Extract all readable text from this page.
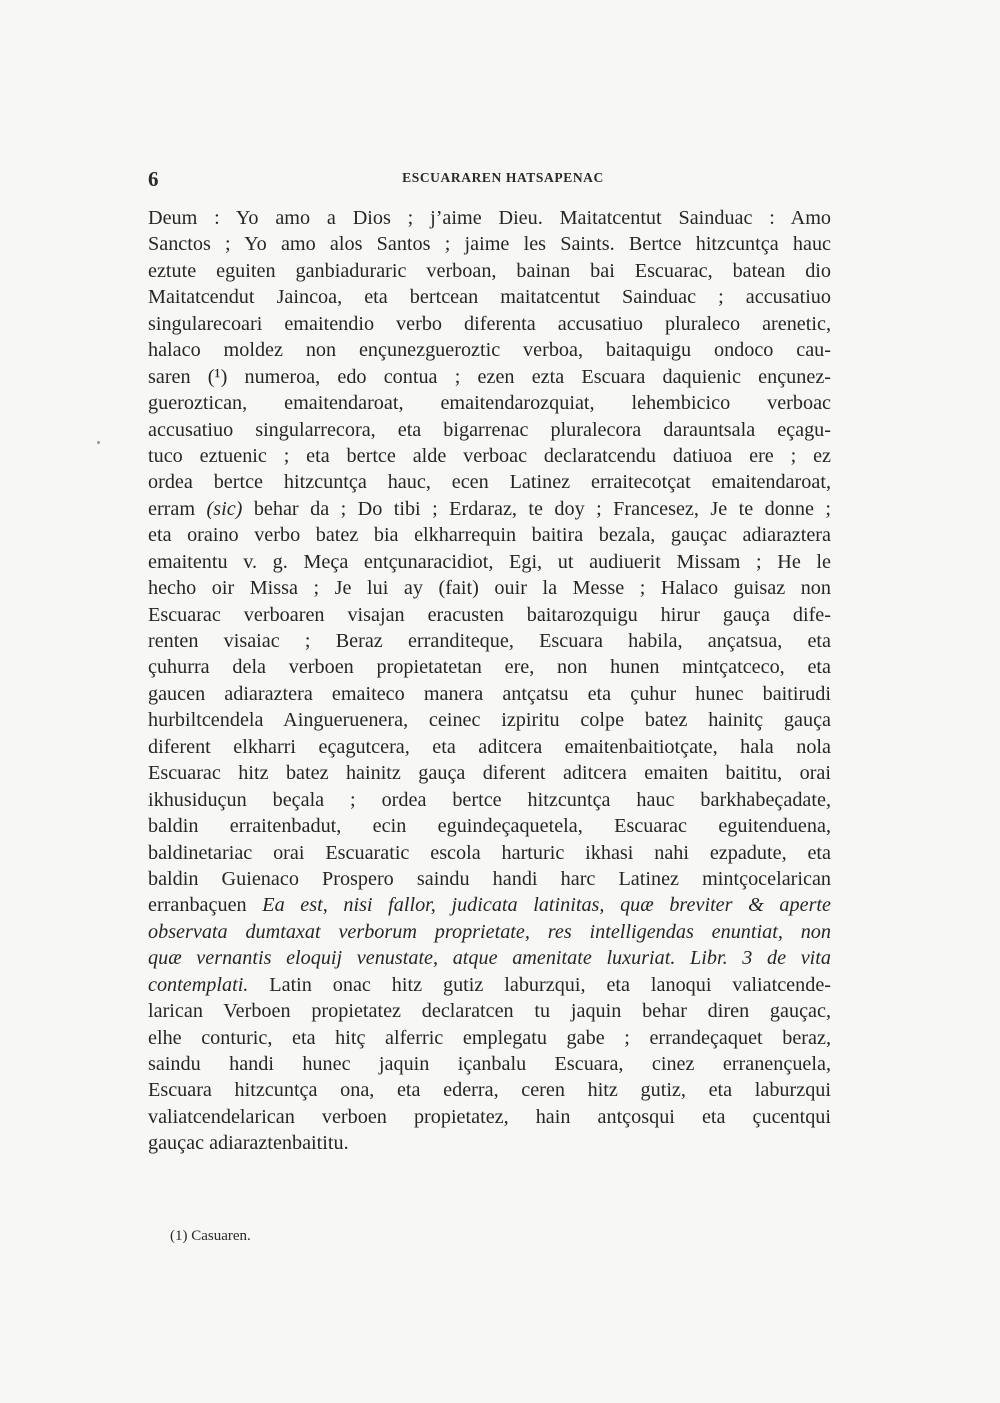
6	ESCUARAREN HATSAPENAC
Deum : Yo amo a Dios ; j’aime Dieu. Maitatcentut Sainduac : Amo
Sanctos ; Yo amo alos Santos ; jaime les Saints. Bertce hitzcuntça hauc
eztute eguiten ganbiaduraric verboan, bainan bai Escuarac, batean dio
Maitatcendut Jaincoa, eta bertcean maitatcentut Sainduac ; accusatiuo
singularecoari emaitendio verbo diferenta accusatiuo pluraleco arenetic,
halaco moldez non ençunezgueroztic verboa, baitaquigu ondoco cau-
saren (¹) numeroa, edo contua ; ezen ezta Escuara daquienic ençunez-
gueroztican, emaitendaroat, emaitendarozquiat, lehembicico verboac
accusatiuo singularrecora, eta bigarrenac pluralecora darauntsala eçagu-
tuco eztuenic ; eta bertce alde verboac declaratcendu datiuoa ere ; ez
ordea bertce hitzcuntça hauc, ecen Latinez erraitecotçat emaitendaroat,
erram (sic) behar da ; Do tibi ; Erdaraz, te doy ; Francesez, Je te donne ;
eta oraino verbo batez bia elkharrequin baitira bezala, gauçac adiaraztera
emaitentu v. g. Meça entçunaracidiot, Egi, ut audiuerit Missam ; He le
hecho oir Missa ; Je lui ay (fait) ouir la Messe ; Halaco guisaz non
Escuarac verboaren visajan eracusten baitarozquigu hirur gauça dife-
renten visaiac ; Beraz erranditeque, Escuara habila, ançatsua, eta
çuhurra dela verboen propietatetan ere, non hunen mintçatceco, eta
gaucen adiaraztera emaiteco manera antçatsu eta çuhur hunec baitirudi
hurbiltcendela Aingueruenera, ceinec izpiritu colpe batez hainitç gauça
diferent elkharri eçagutcera, eta aditcera emaitenbaitiotçate, hala nola
Escuarac hitz batez hainitz gauça diferent aditcera emaiten baititu, orai
ikhusiduçun beçala ; ordea bertce hitzcuntça hauc barkhabeçadate,
baldin erraitenbadut, ecin eguindeçaquetela, Escuarac eguitenduena,
baldinetariac orai Escuaratic escola harturic ikhasi nahi ezpadute, eta
baldin Guienaco Prospero saindu handi harc Latinez mintçocelarican
erranbaçuen Ea est, nisi fallor, judicata latinitas, quæ breviter & aperte
observata dumtaxat verborum proprietate, res intelligendas enuntiat, non
quæ vernantis eloquij venustate, atque amenitate luxuriat. Libr. 3 de vita
contemplati. Latin onac hitz gutiz laburzqui, eta lanoqui valiatcende-
larican Verboen propietatez declaratcen tu jaquin behar diren gauçac,
elhe conturic, eta hitç alferric emplegatu gabe ; errandeçaquet beraz,
saindu handi hunec jaquin içanbalu Escuara, cinez erranençuela,
Escuara hitzcuntça ona, eta ederra, ceren hitz gutiz, eta laburzqui
valiatcendelarican verboen propietatez, hain antçosqui eta çucentqui
gauçac adiaraztenbaititu.
(1) Casuaren.
